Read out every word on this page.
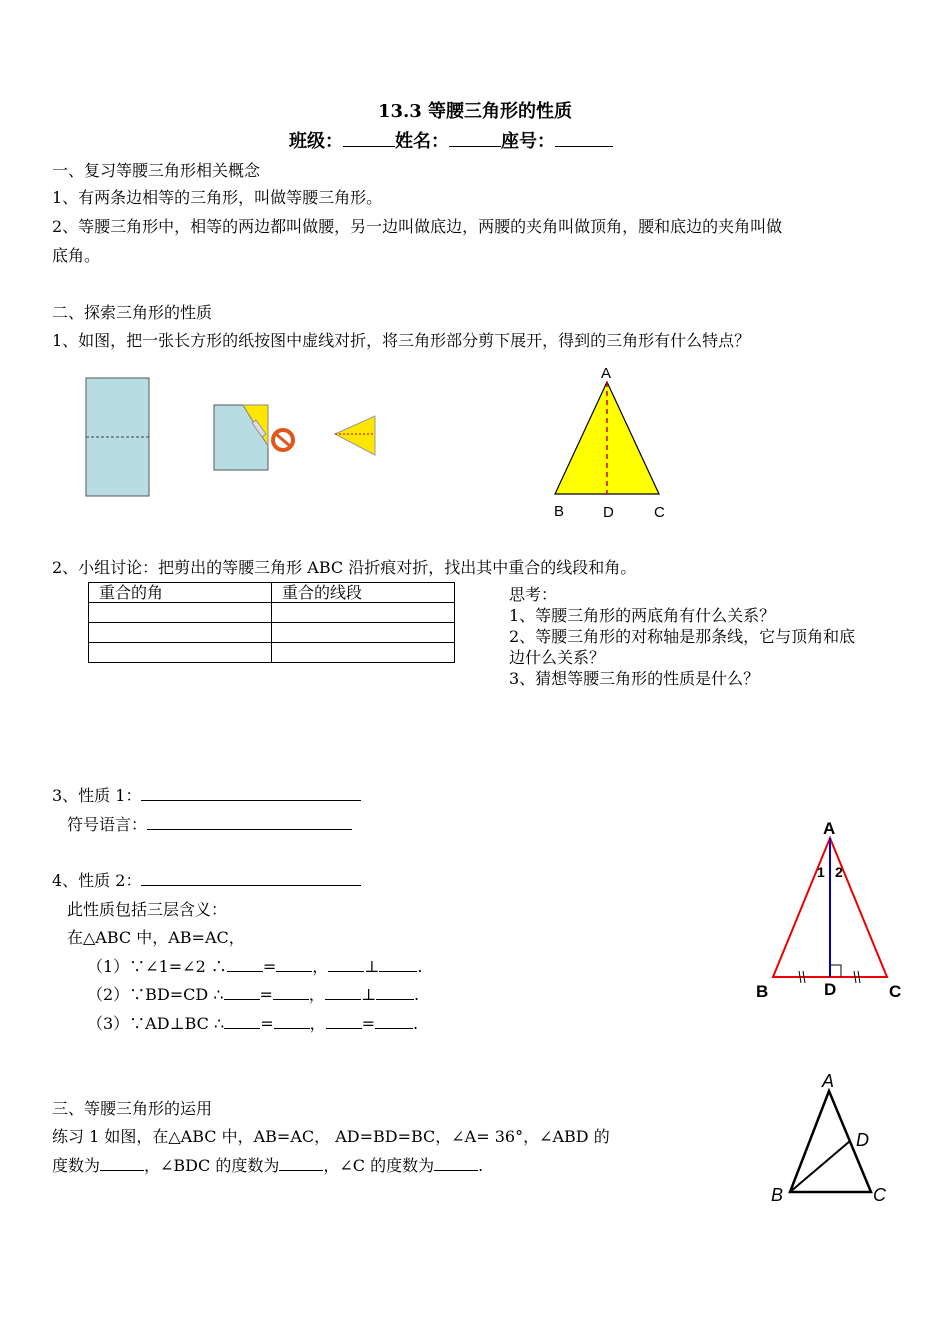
13.3 等腰三角形的性质
班级：	姓名：	座号：
一、复习等腰三角形相关概念
1、有两条边相等的三角形，叫做等腰三角形。
2、等腰三角形中，相等的两边都叫做腰，另一边叫做底边，两腰的夹角叫做顶角，腰和底边的夹角叫做
底角。
二、探索三角形的性质
1、如图，把一张长方形的纸按图中虚线对折，将三角形部分剪下展开，得到的三角形有什么特点？
A
B	D	C
A
1 2
B	D	C
A
D
B	C
2、小组讨论：把剪出的等腰三角形 ABC 沿折痕对折，找出其中重合的线段和角。
重合的角	重合的线段

		思考：
1、等腰三角形的两底角有什么关系？
2、等腰三角形的对称轴是那条线，它与顶角和底
边什么关系？
3、猜想等腰三角形的性质是什么？
3、性质 1：
符号语言：
4、性质 2：
此性质包括三层含义：
在△ABC 中，AB=AC，
（1）∵∠1=∠2 ∴ = ， ⊥ .
（2）∵BD=CD ∴ = ， ⊥ .
（3）∵AD⊥BC ∴ = ， = .
三、等腰三角形的运用
练习 1 如图，在△ABC 中，AB=AC， AD=BD=BC，∠A= 36°，∠ABD 的
度数为	，∠BDC 的度数为	，∠C 的度数为	.
